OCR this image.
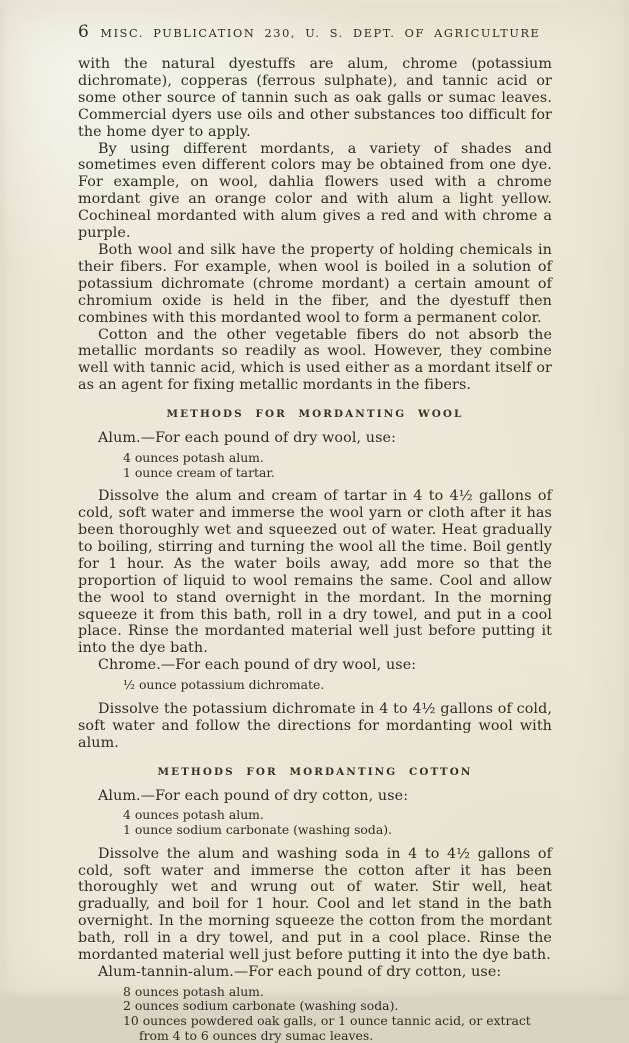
6	MISC. PUBLICATION 230, U. S. DEPT. OF AGRICULTURE

with the natural dyestuffs are alum, chrome (potassium dichromate), copperas (ferrous sulphate), and tannic acid or some other source of tannin such as oak galls or sumac leaves. Commercial dyers use oils and other substances too difficult for the home dyer to apply.

By using different mordants, a variety of shades and sometimes even different colors may be obtained from one dye. For example, on wool, dahlia flowers used with a chrome mordant give an orange color and with alum a light yellow. Cochineal mordanted with alum gives a red and with chrome a purple.

Both wool and silk have the property of holding chemicals in their fibers. For example, when wool is boiled in a solution of potassium dichromate (chrome mordant) a certain amount of chromium oxide is held in the fiber, and the dyestuff then combines with this mordanted wool to form a permanent color.

Cotton and the other vegetable fibers do not absorb the metallic mordants so readily as wool. However, they combine well with tannic acid, which is used either as a mordant itself or as an agent for fixing metallic mordants in the fibers.

METHODS FOR MORDANTING WOOL

Alum.—For each pound of dry wool, use:

4 ounces potash alum.
1 ounce cream of tartar.

Dissolve the alum and cream of tartar in 4 to 4½ gallons of cold, soft water and immerse the wool yarn or cloth after it has been thoroughly wet and squeezed out of water. Heat gradually to boiling, stirring and turning the wool all the time. Boil gently for 1 hour. As the water boils away, add more so that the proportion of liquid to wool remains the same. Cool and allow the wool to stand overnight in the mordant. In the morning squeeze it from this bath, roll in a dry towel, and put in a cool place. Rinse the mordanted material well just before putting it into the dye bath.

Chrome.—For each pound of dry wool, use:

½ ounce potassium dichromate.

Dissolve the potassium dichromate in 4 to 4½ gallons of cold, soft water and follow the directions for mordanting wool with alum.

METHODS FOR MORDANTING COTTON

Alum.—For each pound of dry cotton, use:

4 ounces potash alum.
1 ounce sodium carbonate (washing soda).

Dissolve the alum and washing soda in 4 to 4½ gallons of cold, soft water and immerse the cotton after it has been thoroughly wet and wrung out of water. Stir well, heat gradually, and boil for 1 hour. Cool and let stand in the bath overnight. In the morning squeeze the cotton from the mordant bath, roll in a dry towel, and put in a cool place. Rinse the mordanted material well just before putting it into the dye bath.

Alum-tannin-alum.—For each pound of dry cotton, use:

8 ounces potash alum.
2 ounces sodium carbonate (washing soda).
10 ounces powdered oak galls, or 1 ounce tannic acid, or extract from 4 to 6 ounces dry sumac leaves.
